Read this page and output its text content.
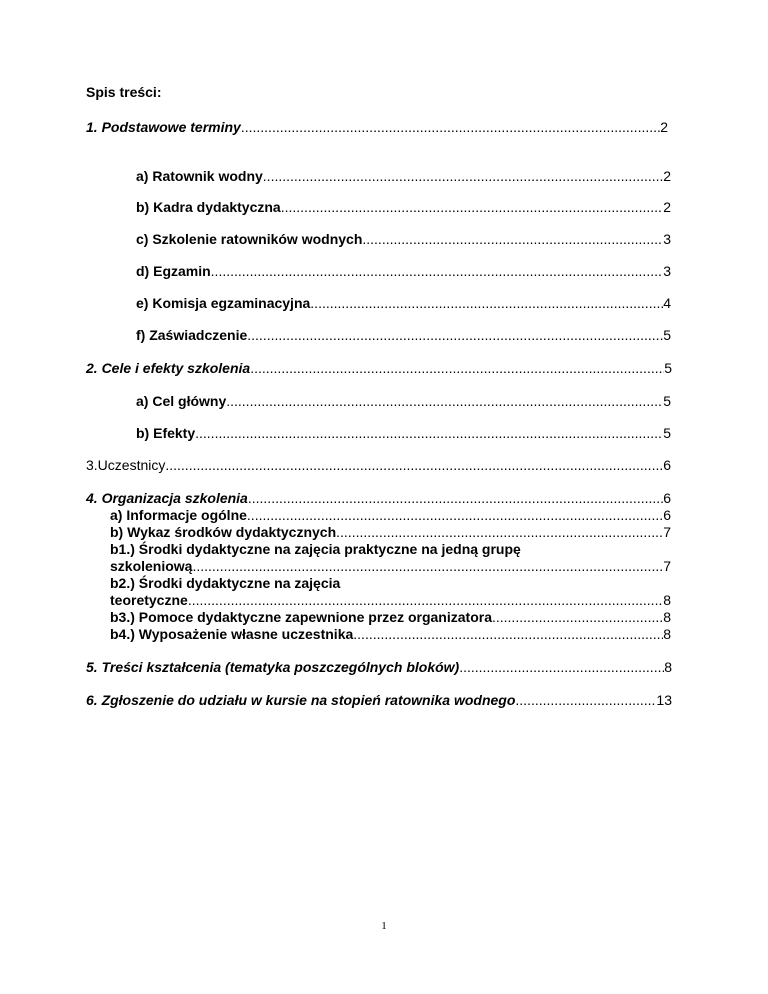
Spis treści:
1. Podstawowe terminy .....	2
a) Ratownik wodny .....	2
b) Kadra dydaktyczna .....	2
c) Szkolenie ratowników wodnych .....	3
d) Egzamin .....	3
e) Komisja egzaminacyjna .....	4
f) Zaświadczenie .....	5
2. Cele i efekty szkolenia .....	5
a) Cel główny .....	5
b) Efekty .....	5
3.Uczestnicy .....	6
4. Organizacja szkolenia .....	6
a) Informacje ogólne .....	6
b) Wykaz środków dydaktycznych .....	7
b1.) Środki dydaktyczne na zajęcia praktyczne na jedną grupę
szkoleniową .....	7
b2.) Środki dydaktyczne na zajęcia
teoretyczne .....	8
b3.) Pomoce dydaktyczne zapewnione przez organizatora .....	8
b4.) Wyposażenie własne uczestnika .....	8
5. Treści kształcenia (tematyka poszczególnych bloków) .....	8
6. Zgłoszenie do udziału w kursie na stopień ratownika wodnego .....	13
1
